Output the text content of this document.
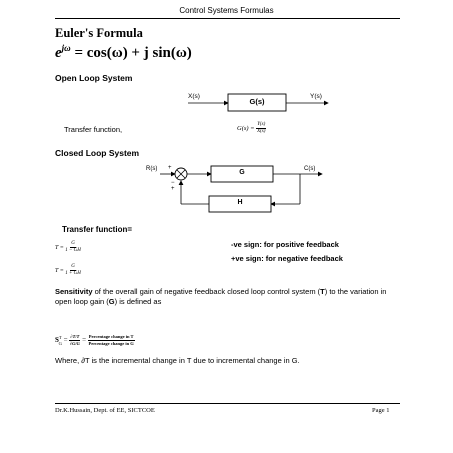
Control Systems Formulas
Euler's Formula
$e^{j\omega} = \cos(\omega) + j$ sin(ω)
Open Loop System
X(s)
G(s)
Y(s)
Transfer function,	$G(s) = \frac{Y(s)}{X(s)}$
Closed Loop System
R(s) +
−
+
G
H
C(s)
Transfer function=
$T = \frac{G}{1 - GH}$
$T = \frac{G}{1 + GH}$
-ve sign: for positive feedback
+ve sign: for negative feedback
Sensitivity of the overall gain of negative feedback closed loop control system (T) to the variation in open loop gain (G) is defined as
$S^T_G = \frac{\partial T/T}{\partial G/G} = \frac{\text{Percentage change in T}}{\text{Percentage change in G}}$
Where, ∂T is the incremental change in T due to incremental change in G.
Dr.K.Hussain, Dept. of EE, SICTCOE	Page 1
